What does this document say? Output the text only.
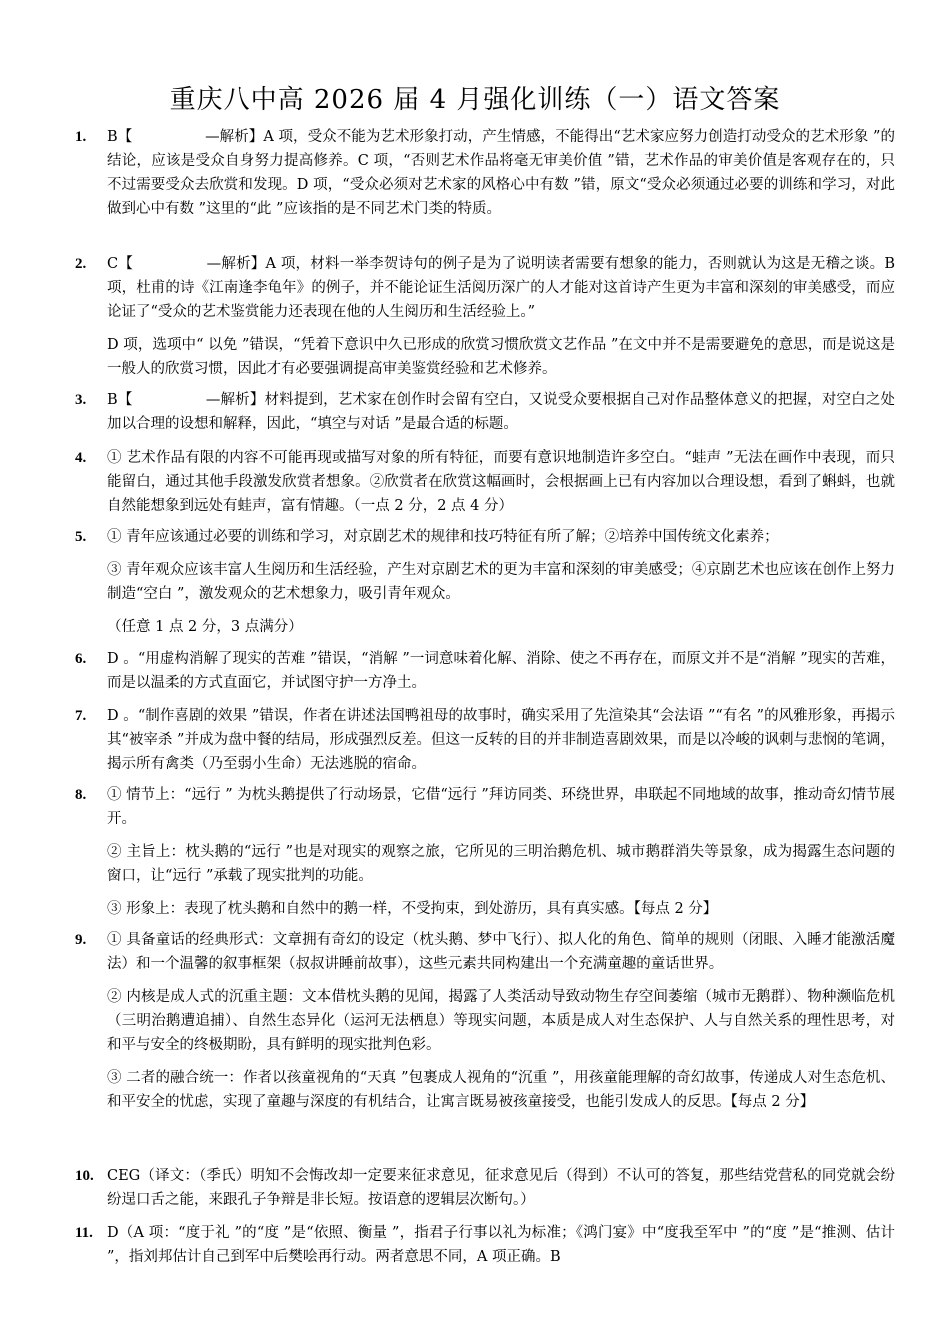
重庆八中高 2026 届 4 月强化训练（一）语文答案
1.	B【　　　　　—解析】A 项，受众不能为艺术形象打动，产生情感，不能得出“艺术家应努力创造打动受众的艺术形象 ”的结论，应该是受众自身努力提高修养。C 项，“否则艺术作品将毫无审美价值 ”错，艺术作品的审美价值是客观存在的，只不过需要受众去欣赏和发现。D 项，“受众必须对艺术家的风格心中有数 ”错，原文“受众必须通过必要的训练和学习，对此做到心中有数 ”这里的“此 ”应该指的是不同艺术门类的特质。

2.	C【　　　　　—解析】A 项，材料一举李贺诗句的例子是为了说明读者需要有想象的能力，否则就认为这是无稽之谈。B 项，杜甫的诗《江南逢李龟年》的例子，并不能论证生活阅历深广的人才能对这首诗产生更为丰富和深刻的审美感受，而应论证了“受众的艺术鉴赏能力还表现在他的人生阅历和生活经验上。”

D 项，选项中“ 以免 ”错误，“凭着下意识中久已形成的欣赏习惯欣赏文艺作品 ”在文中并不是需要避免的意思，而是说这是一般人的欣赏习惯，因此才有必要强调提高审美鉴赏经验和艺术修养。

3.	B【　　　　　—解析】材料提到，艺术家在创作时会留有空白，又说受众要根据自己对作品整体意义的把握，对空白之处加以合理的设想和解释，因此，“填空与对话 ”是最合适的标题。

4.	① 艺术作品有限的内容不可能再现或描写对象的所有特征，而要有意识地制造许多空白。“蛙声 ”无法在画作中表现，而只能留白，通过其他手段激发欣赏者想象。②欣赏者在欣赏这幅画时，会根据画上已有内容加以合理设想，看到了蝌蚪，也就自然能想象到远处有蛙声，富有情趣。（一点 2 分，2 点 4 分）

5.	① 青年应该通过必要的训练和学习，对京剧艺术的规律和技巧特征有所了解；②培养中国传统文化素养；

③ 青年观众应该丰富人生阅历和生活经验，产生对京剧艺术的更为丰富和深刻的审美感受；④京剧艺术也应该在创作上努力制造“空白 ”，激发观众的艺术想象力，吸引青年观众。

（任意 1 点 2 分，3 点满分）

6.	D 。“用虚构消解了现实的苦难 ”错误，“消解 ”一词意味着化解、消除、使之不再存在，而原文并不是“消解 ”现实的苦难，而是以温柔的方式直面它，并试图守护一方净土。

7.	D 。“制作喜剧的效果 ”错误，作者在讲述法国鸭祖母的故事时，确实采用了先渲染其“会法语 ”“有名 ”的风雅形象，再揭示其“被宰杀 ”并成为盘中餐的结局，形成强烈反差。但这一反转的目的并非制造喜剧效果，而是以冷峻的讽刺与悲悯的笔调，揭示所有禽类（乃至弱小生命）无法逃脱的宿命。

8.	① 情节上：“远行 ” 为枕头鹅提供了行动场景，它借“远行 ”拜访同类、环绕世界，串联起不同地域的故事，推动奇幻情节展开。

② 主旨上：枕头鹅的“远行 ”也是对现实的观察之旅，它所见的三明治鹅危机、城市鹅群消失等景象，成为揭露生态问题的窗口，让“远行 ”承载了现实批判的功能。

③ 形象上：表现了枕头鹅和自然中的鹅一样，不受拘束，到处游历，具有真实感。【每点 2 分】

9.	① 具备童话的经典形式：文章拥有奇幻的设定（枕头鹅、梦中飞行）、拟人化的角色、简单的规则（闭眼、入睡才能激活魔法）和一个温馨的叙事框架（叔叔讲睡前故事），这些元素共同构建出一个充满童趣的童话世界。

② 内核是成人式的沉重主题：文本借枕头鹅的见闻，揭露了人类活动导致动物生存空间萎缩（城市无鹅群）、物种濒临危机（三明治鹅遭追捕）、自然生态异化（运河无法栖息）等现实问题，本质是成人对生态保护、人与自然关系的理性思考，对和平与安全的终极期盼，具有鲜明的现实批判色彩。

③ 二者的融合统一：作者以孩童视角的“天真 ”包裹成人视角的“沉重 ”，用孩童能理解的奇幻故事，传递成人对生态危机、和平安全的忧虑，实现了童趣与深度的有机结合，让寓言既易被孩童接受，也能引发成人的反思。【每点 2 分】

10. CEG（译文：（季氏）明知不会悔改却一定要来征求意见，征求意见后（得到）不认可的答复，那些结党营私的同党就会纷纷逞口舌之能，来跟孔子争辩是非长短。按语意的逻辑层次断句。）

11. D（A 项：“度于礼 ”的“度 ”是“依照、衡量 ”，指君子行事以礼为标准；《鸿门宴》中“度我至军中 ”的“度 ”是“推测、估计 ”，指刘邦估计自己到军中后樊哙再行动。两者意思不同，A 项正确。B
